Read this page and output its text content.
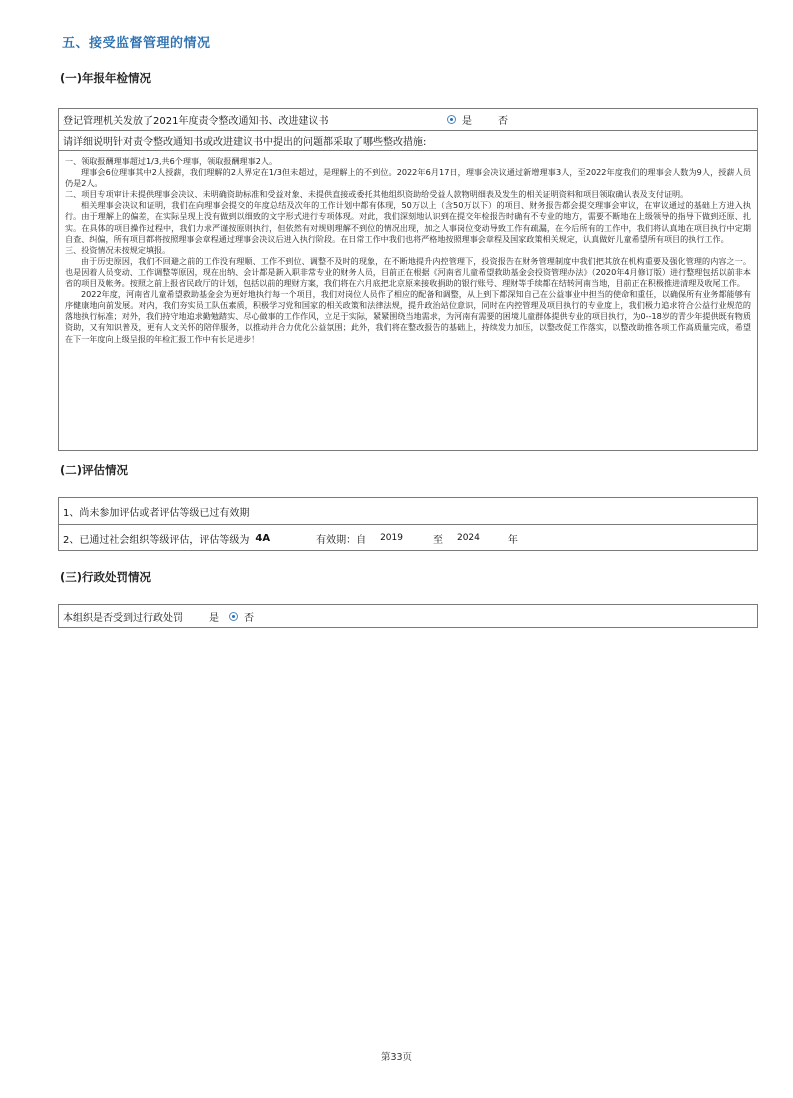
五、接受监督管理的情况
(一)年报年检情况
登记管理机关发放了2021年度责令整改通知书、改进建议书	是	否
请详细说明针对责令整改通知书或改进建议书中提出的问题都采取了哪些整改措施:

一、领取报酬理事超过1/3,共6个理事，领取报酬理事2人。

理事会6位理事其中2人授薪，我们理解的2人界定在1/3但未超过，是理解上的不到位。2022年6月17日，理事会决议通过新增理事3人，至2022年度我们的理事会人数为9人，授薪人员仍是2人。

二、项目专项审计未提供理事会决议、未明确资助标准和受益对象、未提供直接或委托其他组织资助给受益人款物明细表及发生的相关证明资料和项目领取确认表及支付证明。

相关理事会决议和证明，我们在向理事会提交的年度总结及次年的工作计划中都有体现，50万以上（含50万以下）的项目、财务报告都会提交理事会审议，在审议通过的基础上方进入执行。由于理解上的偏差，在实际呈现上没有做到以细致的文字形式进行专项体现。对此，我们深刻地认识到在提交年检报告时确有不专业的地方，需要不断地在上级领导的指导下做到还原、扎实。在具体的项目操作过程中，我们力求严谨按原则执行，但依然有对规则理解不到位的情况出现，加之人事岗位变动导致工作有疏漏，在今后所有的工作中，我们将认真地在项目执行中定期自查、纠偏，所有项目都将按照理事会章程通过理事会决议后进入执行阶段。在日常工作中我们也将严格地按照理事会章程及国家政策相关规定，认真做好儿童希望所有项目的执行工作。

三、投资情况未按规定填报。

由于历史原因，我们不回避之前的工作没有理顺、工作不到位、调整不及时的现象，在不断地提升内控管理下，投资报告在财务管理制度中我们把其放在机构重要及强化管理的内容之一。也是因着人员变动、工作调整等原因，现在出纳、会计都是新入职非常专业的财务人员，目前正在根据《河南省儿童希望救助基金会投资管理办法》（2020年4月修订版）进行整理包括以前非本省的项目及帐务。按照之前上报省民政厅的计划，包括以前的理财方案，我们将在六月底把北京原来接收捐助的银行账号、理财等手续都在结转河南当地，目前正在积极推进清理及收尾工作。

2022年度，河南省儿童希望救助基金会为更好地执行每一个项目，我们对岗位人员作了相应的配备和调整，从上到下都深知自己在公益事业中担当的使命和重任，以确保所有业务都能够有序健康地向前发展。对内，我们夯实员工队伍素质，积极学习党和国家的相关政策和法律法规，提升政治站位意识，同时在内控管理及项目执行的专业度上，我们极力追求符合公益行业规范的落地执行标准；对外，我们持守地追求勤勉踏实、尽心做事的工作作风，立足于实际，紧紧围绕当地需求，为河南有需要的困境儿童群体提供专业的项目执行，为0--18岁的青少年提供既有物质资助，又有知识普及，更有人文关怀的陪伴服务，以推动并合力优化公益氛围；此外，我们将在整改报告的基础上，持续发力加压，以整改促工作落实，以整改助推各项工作高质量完成，希望在下一年度向上级呈报的年检汇报工作中有长足进步！

(二)评估情况
1、尚未参加评估或者评估等级已过有效期
2、已通过社会组织等级评估，评估等级为 4A	有效期：自 2019	至 2024	年
(三)行政处罚情况
本组织是否受到过行政处罚	是	否
第33页
